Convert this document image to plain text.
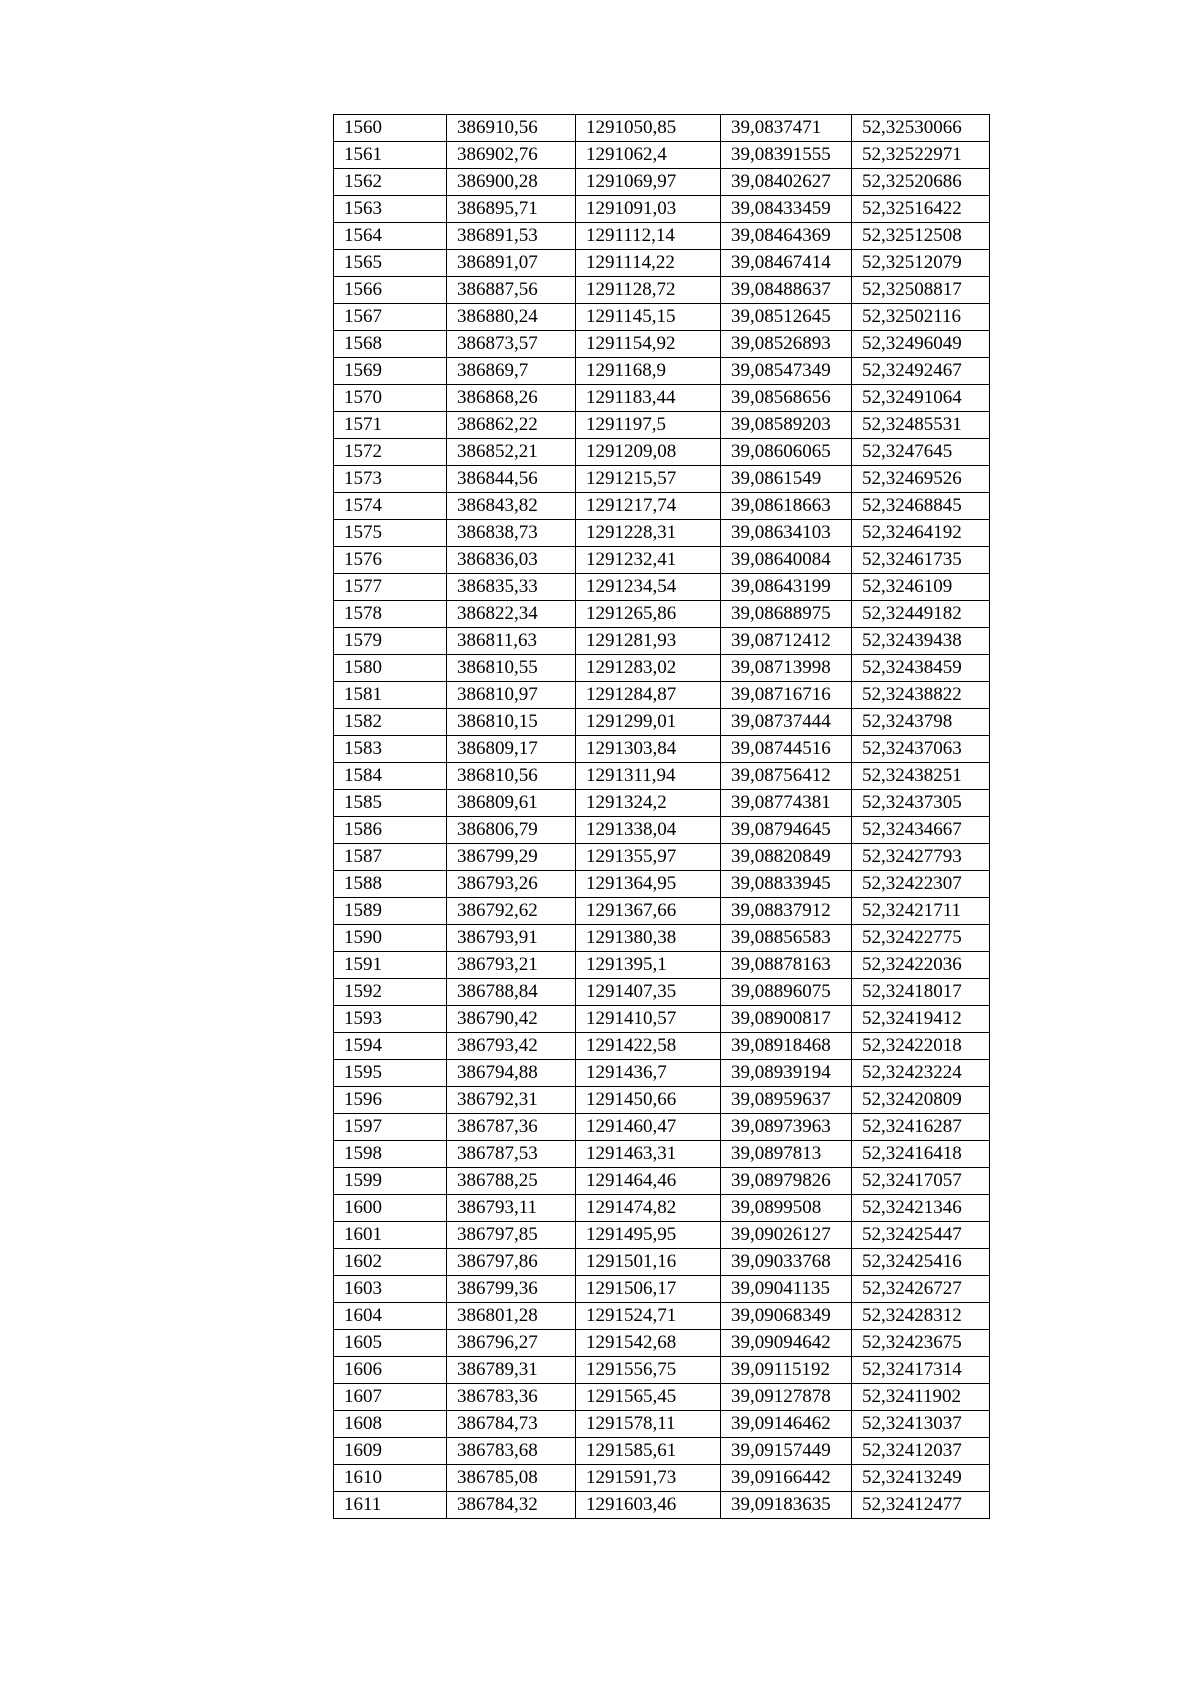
1560	386910,56	1291050,85	39,0837471	52,32530066
1561	386902,76	1291062,4	39,08391555	52,32522971
1562	386900,28	1291069,97	39,08402627	52,32520686
1563	386895,71	1291091,03	39,08433459	52,32516422
1564	386891,53	1291112,14	39,08464369	52,32512508
1565	386891,07	1291114,22	39,08467414	52,32512079
1566	386887,56	1291128,72	39,08488637	52,32508817
1567	386880,24	1291145,15	39,08512645	52,32502116
1568	386873,57	1291154,92	39,08526893	52,32496049
1569	386869,7	1291168,9	39,08547349	52,32492467
1570	386868,26	1291183,44	39,08568656	52,32491064
1571	386862,22	1291197,5	39,08589203	52,32485531
1572	386852,21	1291209,08	39,08606065	52,3247645
1573	386844,56	1291215,57	39,0861549	52,32469526
1574	386843,82	1291217,74	39,08618663	52,32468845
1575	386838,73	1291228,31	39,08634103	52,32464192
1576	386836,03	1291232,41	39,08640084	52,32461735
1577	386835,33	1291234,54	39,08643199	52,3246109
1578	386822,34	1291265,86	39,08688975	52,32449182
1579	386811,63	1291281,93	39,08712412	52,32439438
1580	386810,55	1291283,02	39,08713998	52,32438459
1581	386810,97	1291284,87	39,08716716	52,32438822
1582	386810,15	1291299,01	39,08737444	52,3243798
1583	386809,17	1291303,84	39,08744516	52,32437063
1584	386810,56	1291311,94	39,08756412	52,32438251
1585	386809,61	1291324,2	39,08774381	52,32437305
1586	386806,79	1291338,04	39,08794645	52,32434667
1587	386799,29	1291355,97	39,08820849	52,32427793
1588	386793,26	1291364,95	39,08833945	52,32422307
1589	386792,62	1291367,66	39,08837912	52,32421711
1590	386793,91	1291380,38	39,08856583	52,32422775
1591	386793,21	1291395,1	39,08878163	52,32422036
1592	386788,84	1291407,35	39,08896075	52,32418017
1593	386790,42	1291410,57	39,08900817	52,32419412
1594	386793,42	1291422,58	39,08918468	52,32422018
1595	386794,88	1291436,7	39,08939194	52,32423224
1596	386792,31	1291450,66	39,08959637	52,32420809
1597	386787,36	1291460,47	39,08973963	52,32416287
1598	386787,53	1291463,31	39,0897813	52,32416418
1599	386788,25	1291464,46	39,08979826	52,32417057
1600	386793,11	1291474,82	39,0899508	52,32421346
1601	386797,85	1291495,95	39,09026127	52,32425447
1602	386797,86	1291501,16	39,09033768	52,32425416
1603	386799,36	1291506,17	39,09041135	52,32426727
1604	386801,28	1291524,71	39,09068349	52,32428312
1605	386796,27	1291542,68	39,09094642	52,32423675
1606	386789,31	1291556,75	39,09115192	52,32417314
1607	386783,36	1291565,45	39,09127878	52,32411902
1608	386784,73	1291578,11	39,09146462	52,32413037
1609	386783,68	1291585,61	39,09157449	52,32412037
1610	386785,08	1291591,73	39,09166442	52,32413249
1611	386784,32	1291603,46	39,09183635	52,32412477
